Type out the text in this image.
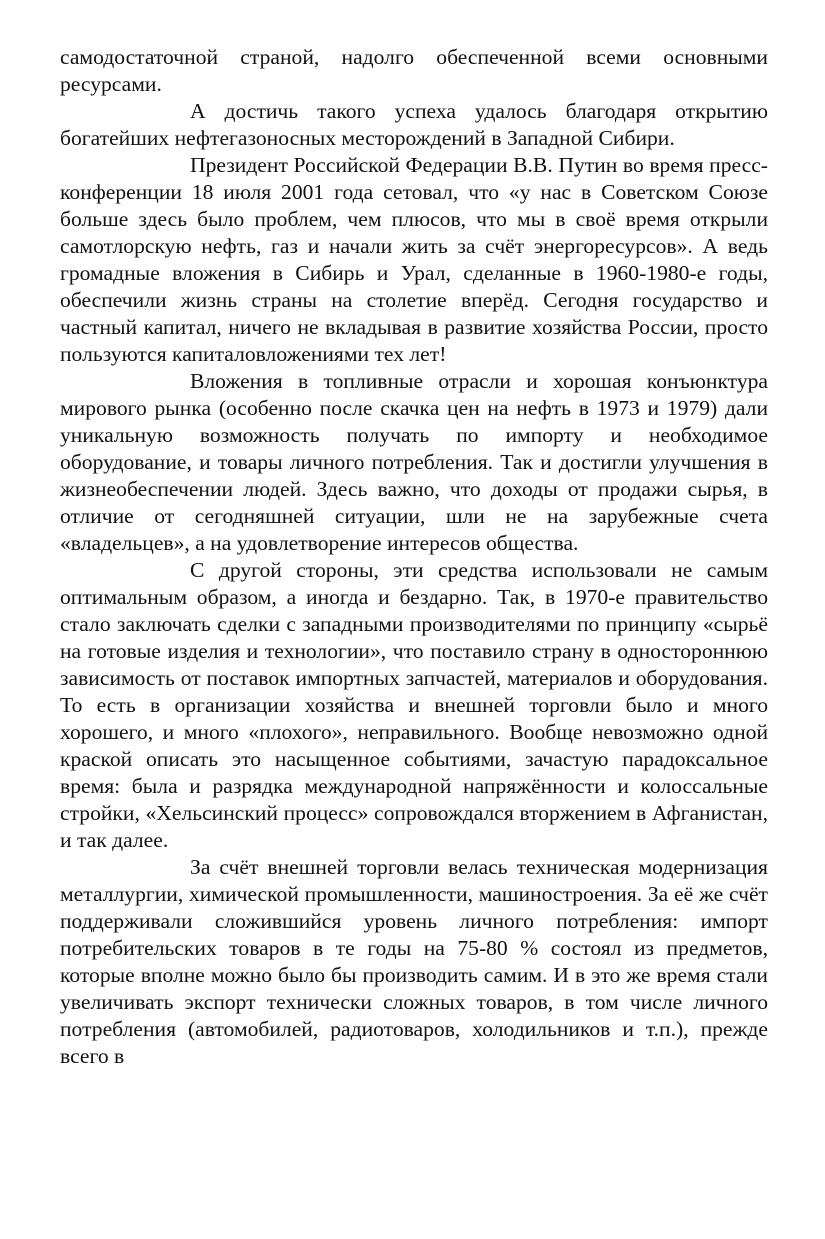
самодостаточной страной, надолго обеспеченной всеми основными ресурсами.

А достичь такого успеха удалось благодаря открытию богатейших нефтегазоносных месторождений в Западной Сибири.

Президент Российской Федерации В.В. Путин во время пресс-конференции 18 июля 2001 года сетовал, что «у нас в Советском Союзе больше здесь было проблем, чем плюсов, что мы в своё время открыли самотлорскую нефть, газ и начали жить за счёт энергоресурсов». А ведь громадные вложения в Сибирь и Урал, сделанные в 1960-1980-е годы, обеспечили жизнь страны на столетие вперёд. Сегодня государство и частный капитал, ничего не вкладывая в развитие хозяйства России, просто пользуются капиталовложениями тех лет!

Вложения в топливные отрасли и хорошая конъюнктура мирового рынка (особенно после скачка цен на нефть в 1973 и 1979) дали уникальную возможность получать по импорту и необходимое оборудование, и товары личного потребления. Так и достигли улучшения в жизнеобеспечении людей. Здесь важно, что доходы от продажи сырья, в отличие от сегодняшней ситуации, шли не на зарубежные счета «владельцев», а на удовлетворение интересов общества.

С другой стороны, эти средства использовали не самым оптимальным образом, а иногда и бездарно. Так, в 1970-е правительство стало заключать сделки с западными производителями по принципу «сырьё на готовые изделия и технологии», что поставило страну в одностороннюю зависимость от поставок импортных запчастей, материалов и оборудования. То есть в организации хозяйства и внешней торговли было и много хорошего, и много «плохого», неправильного. Вообще невозможно одной краской описать это насыщенное событиями, зачастую парадоксальное время: была и разрядка международной напряжённости и колоссальные стройки, «Хельсинский процесс» сопровождался вторжением в Афганистан, и так далее.

За счёт внешней торговли велась техническая модернизация металлургии, химической промышленности, машиностроения. За её же счёт поддерживали сложившийся уровень личного потребления: импорт потребительских товаров в те годы на 75-80 % состоял из предметов, которые вполне можно было бы производить самим. И в это же время стали увеличивать экспорт технически сложных товаров, в том числе личного потребления (автомобилей, радиотоваров, холодильников и т.п.), прежде всего в
